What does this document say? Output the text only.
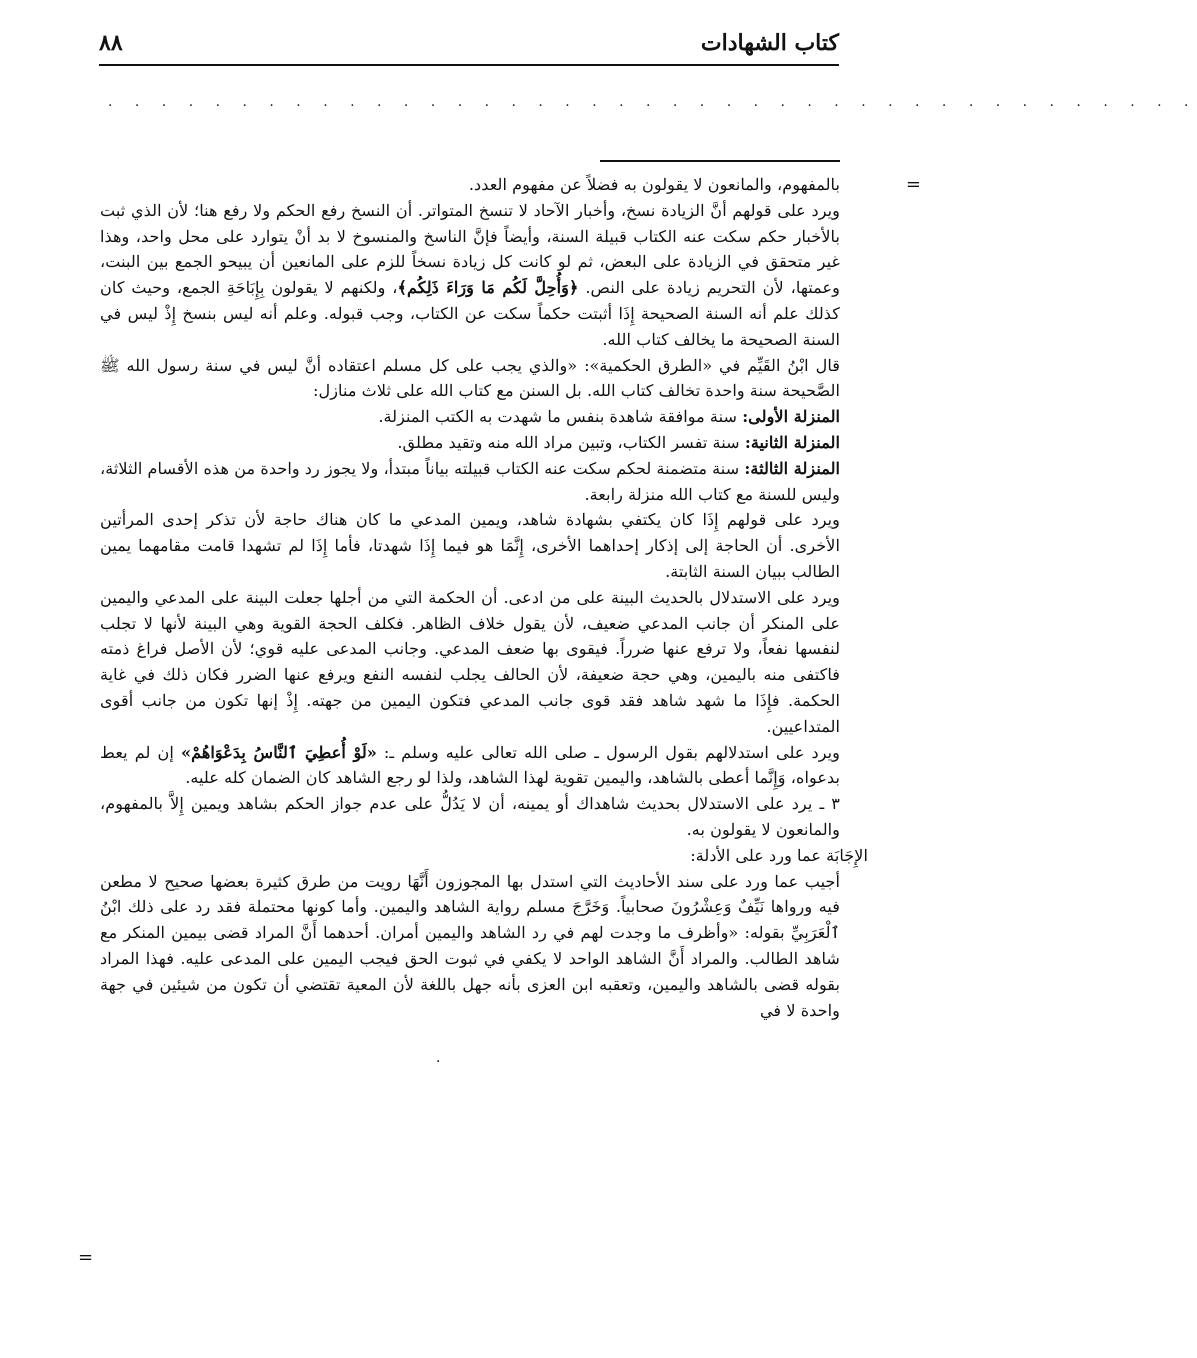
كتاب الشهادات
٨٨
. . . . . . . . . . . . . . . . . . . . . . . . . . . . . . . . . . . . . . . . .
=

بالمفهوم، والمانعون لا يقولون به فضلاً عن مفهوم العدد.

ويرد على قولهم أنَّ الزيادة نسخ، وأخبار الآحاد لا تنسخ المتواتر. أن النسخ رفع الحكم ولا رفع هنا؛ لأن الذي ثبت بالأخبار حكم سكت عنه الكتاب قبيلة السنة، وأيضاً فإنَّ الناسخ والمنسوخ لا بد أنْ يتوارد على محل واحد، وهذا غير متحقق في الزيادة على البعض، ثم لو كانت كل زيادة نسخاً للزم على المانعين أن يبيحو الجمع بين البنت، وعمتها، لأن التحريم زيادة على النص. ﴿وَأُحِلَّ لَكُم مَا وَرَاءَ ذَلِكُم﴾، ولكنهم لا يقولون بِإِبَاحَةِ الجمع، وحيث كان كذلك علم أنه السنة الصحيحة إِذَا أثبتت حكماً سكت عن الكتاب، وجب قبوله. وعلم أنه ليس بنسخ إِذْ ليس في السنة الصحيحة ما يخالف كتاب الله.

قال ابْنُ القَيِّم في «الطرق الحكمية»: «والذي يجب على كل مسلم اعتقاده أنَّ ليس في سنة رسول الله ﷺ الصَّحيحة سنة واحدة تخالف كتاب الله. بل السنن مع كتاب الله على ثلاث منازل:

المنزلة الأولى: سنة موافقة شاهدة بنفس ما شهدت به الكتب المنزلة.

المنزلة الثانية: سنة تفسر الكتاب، وتبين مراد الله منه وتقيد مطلق.

المنزلة الثالثة: سنة متضمنة لحكم سكت عنه الكتاب قبيلته بياناً مبتدأ، ولا يجوز رد واحدة من هذه الأقسام الثلاثة، وليس للسنة مع كتاب الله منزلة رابعة.

ويرد على قولهم إِذَا كان يكتفي بشهادة شاهد، ويمين المدعي ما كان هناك حاجة لأن تذكر إحدى المرأتين الأخرى. أن الحاجة إلى إذكار إحداهما الأخرى، إِنَّمَا هو فيما إِذَا شهدتا، فأما إِذَا لم تشهدا قامت مقامهما يمين الطالب ببيان السنة الثابتة.

ويرد على الاستدلال بالحديث البينة على من ادعى. أن الحكمة التي من أجلها جعلت البينة على المدعي واليمين على المنكر أن جانب المدعي ضعيف، لأن يقول خلاف الظاهر. فكلف الحجة القوية وهي البينة لأنها لا تجلب لنفسها نفعاً، ولا ترفع عنها ضرراً. فيقوى بها ضعف المدعي. وجانب المدعى عليه قوي؛ لأن الأصل فراغ ذمته فاكتفى منه باليمين، وهي حجة ضعيفة، لأن الحالف يجلب لنفسه النفع ويرفع عنها الضرر فكان ذلك في غاية الحكمة. فإِذَا ما شهد شاهد فقد قوى جانب المدعي فتكون اليمين من جهته. إِذْ إنها تكون من جانب أقوى المتداعيين.

ويرد على استدلالهم بقول الرسول ـ صلى الله تعالى عليه وسلم ـ: «لَوْ أُعطِيَ ٱلنَّاسُ بِدَعْوَاهُمْ» إن لم يعط بدعواه، وَإِنَّما أعطى بالشاهد، واليمين تقوية لهذا الشاهد، ولذا لو رجع الشاهد كان الضمان كله عليه.

٣ ـ يرد على الاستدلال بحديث شاهداك أو يمينه، أن لا يَدُلُّ على عدم جواز الحكم بشاهد ويمين إِلاَّ بالمفهوم، والمانعون لا يقولون به.

الإِجَابَة عما ورد على الأدلة:

أجيب عما ورد على سند الأحاديث التي استدل بها المجوزون أَنَّهَا رويت من طرق كثيرة بعضها صحيح لا مطعن فيه ورواها نَيِّفٌ وَعِشْرُونَ صحابياً. وَخَرَّجَ مسلم رواية الشاهد واليمين. وأما كونها محتملة فقد رد على ذلك ابْنُ ٱلْعَرَبِيِّ بقوله: «وأظرف ما وجدت لهم في رد الشاهد واليمين أمران. أحدهما أَنَّ المراد قضى بيمين المنكر مع شاهد الطالب. والمراد أَنَّ الشاهد الواحد لا يكفي في ثبوت الحق فيجب اليمين على المدعى عليه. فهذا المراد بقوله قضى بالشاهد واليمين، وتعقبه ابن العزى بأنه جهل باللغة لأن المعية تقتضي أن تكون من شيئين في جهة واحدة لا في

=
.
